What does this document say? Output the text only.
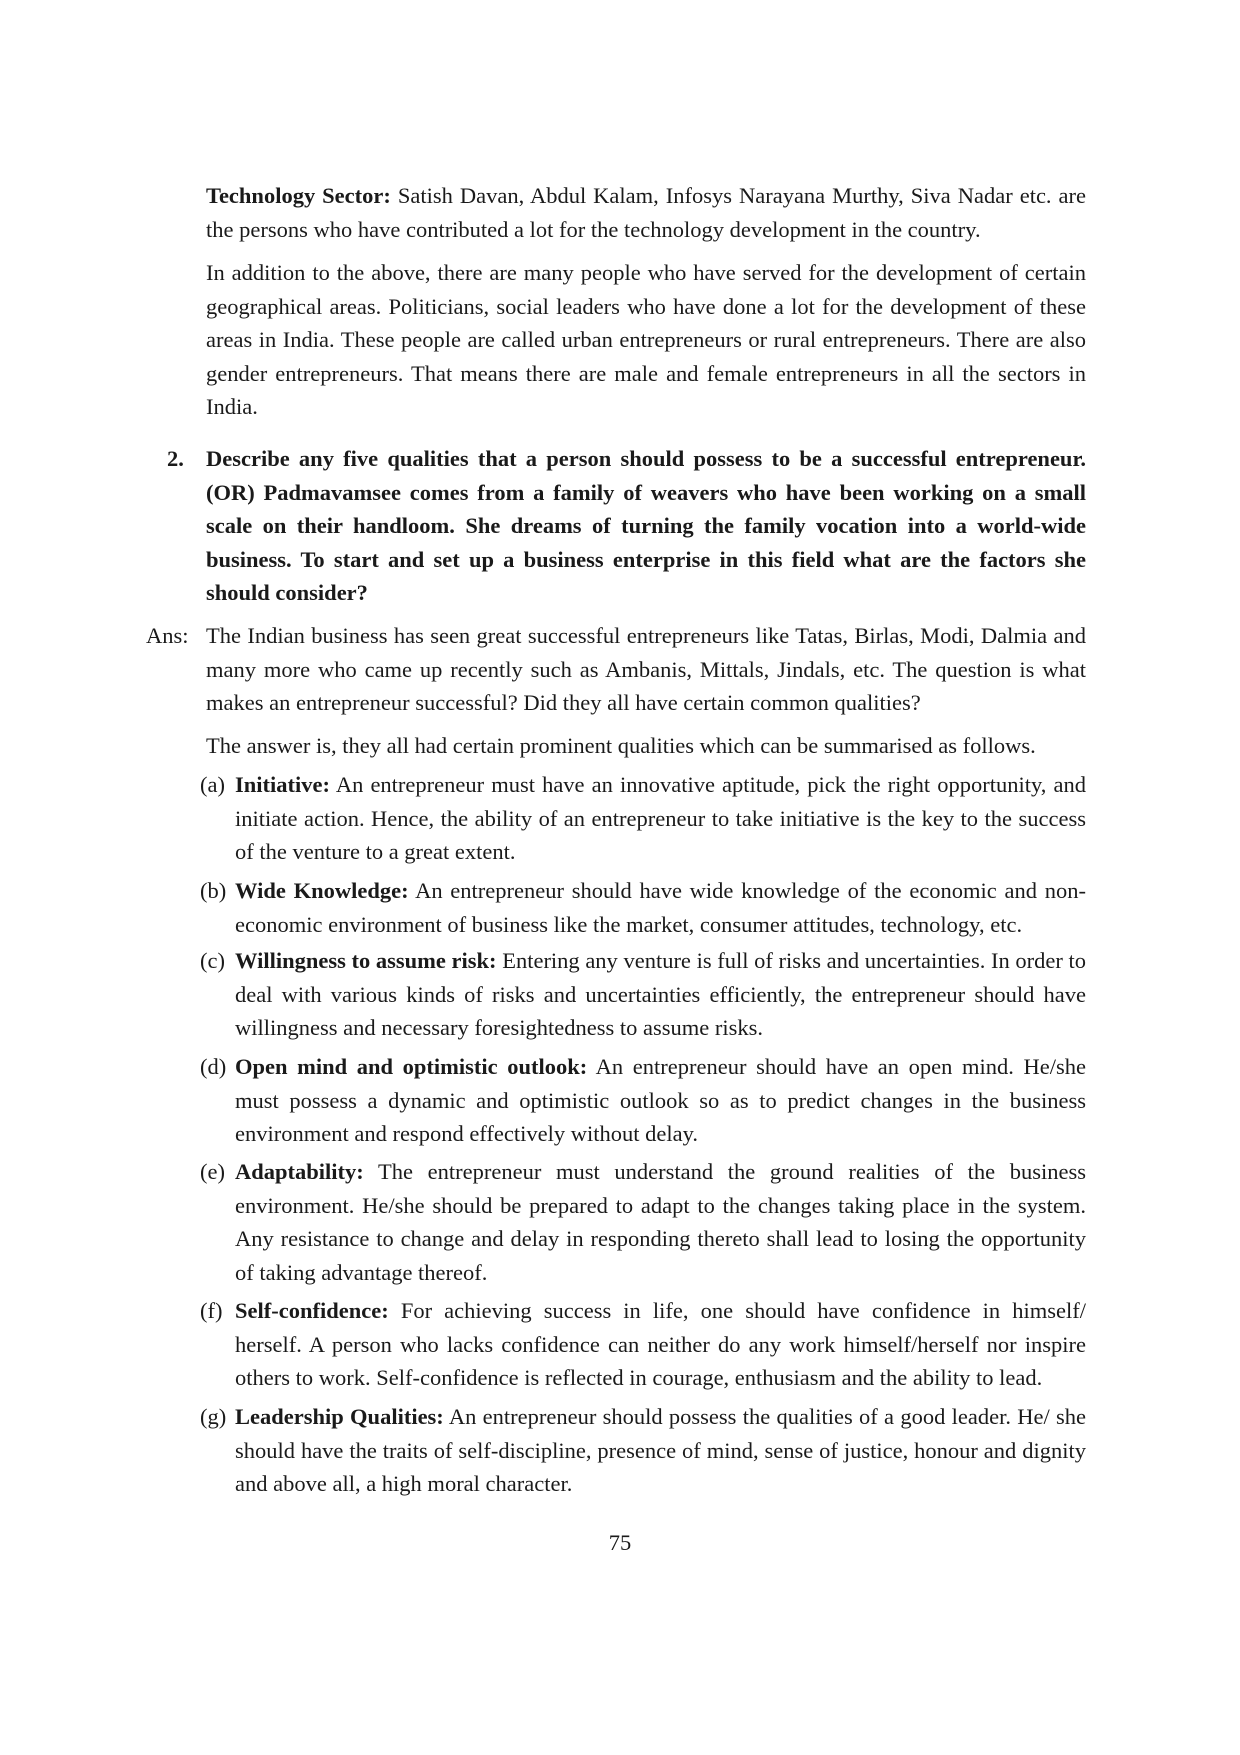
Technology Sector: Satish Davan, Abdul Kalam, Infosys Narayana Murthy, Siva Nadar etc. are the persons who have contributed a lot for the technology development in the country.

In addition to the above, there are many people who have served for the development of certain geographical areas. Politicians, social leaders who have done a lot for the development of these areas in India. These people are called urban entrepreneurs or rural entrepreneurs. There are also gender entrepreneurs. That means there are male and female entrepreneurs in all the sectors in India.

2. Describe any five qualities that a person should possess to be a successful entrepreneur. (OR) Padmavamsee comes from a family of weavers who have been working on a small scale on their handloom. She dreams of turning the family vocation into a world-wide business. To start and set up a business enterprise in this field what are the factors she should consider?

Ans: The Indian business has seen great successful entrepreneurs like Tatas, Birlas, Modi, Dalmia and many more who came up recently such as Ambanis, Mittals, Jindals, etc. The question is what makes an entrepreneur successful? Did they all have certain common qualities?

The answer is, they all had certain prominent qualities which can be summarised as follows.

(a) Initiative: An entrepreneur must have an innovative aptitude, pick the right opportunity, and initiate action. Hence, the ability of an entrepreneur to take initiative is the key to the success of the venture to a great extent.
(b) Wide Knowledge: An entrepreneur should have wide knowledge of the economic and non-economic environment of business like the market, consumer attitudes, technology, etc.
(c) Willingness to assume risk: Entering any venture is full of risks and uncertainties. In order to deal with various kinds of risks and uncertainties efficiently, the entrepreneur should have willingness and necessary foresightedness to assume risks.
(d) Open mind and optimistic outlook: An entrepreneur should have an open mind. He/she must possess a dynamic and optimistic outlook so as to predict changes in the business environment and respond effectively without delay.
(e) Adaptability: The entrepreneur must understand the ground realities of the business environment. He/she should be prepared to adapt to the changes taking place in the system. Any resistance to change and delay in responding thereto shall lead to losing the opportunity of taking advantage thereof.
(f) Self-confidence: For achieving success in life, one should have confidence in himself/ herself. A person who lacks confidence can neither do any work himself/herself nor inspire others to work. Self-confidence is reflected in courage, enthusiasm and the ability to lead.
(g) Leadership Qualities: An entrepreneur should possess the qualities of a good leader. He/ she should have the traits of self-discipline, presence of mind, sense of justice, honour and dignity and above all, a high moral character.
75
